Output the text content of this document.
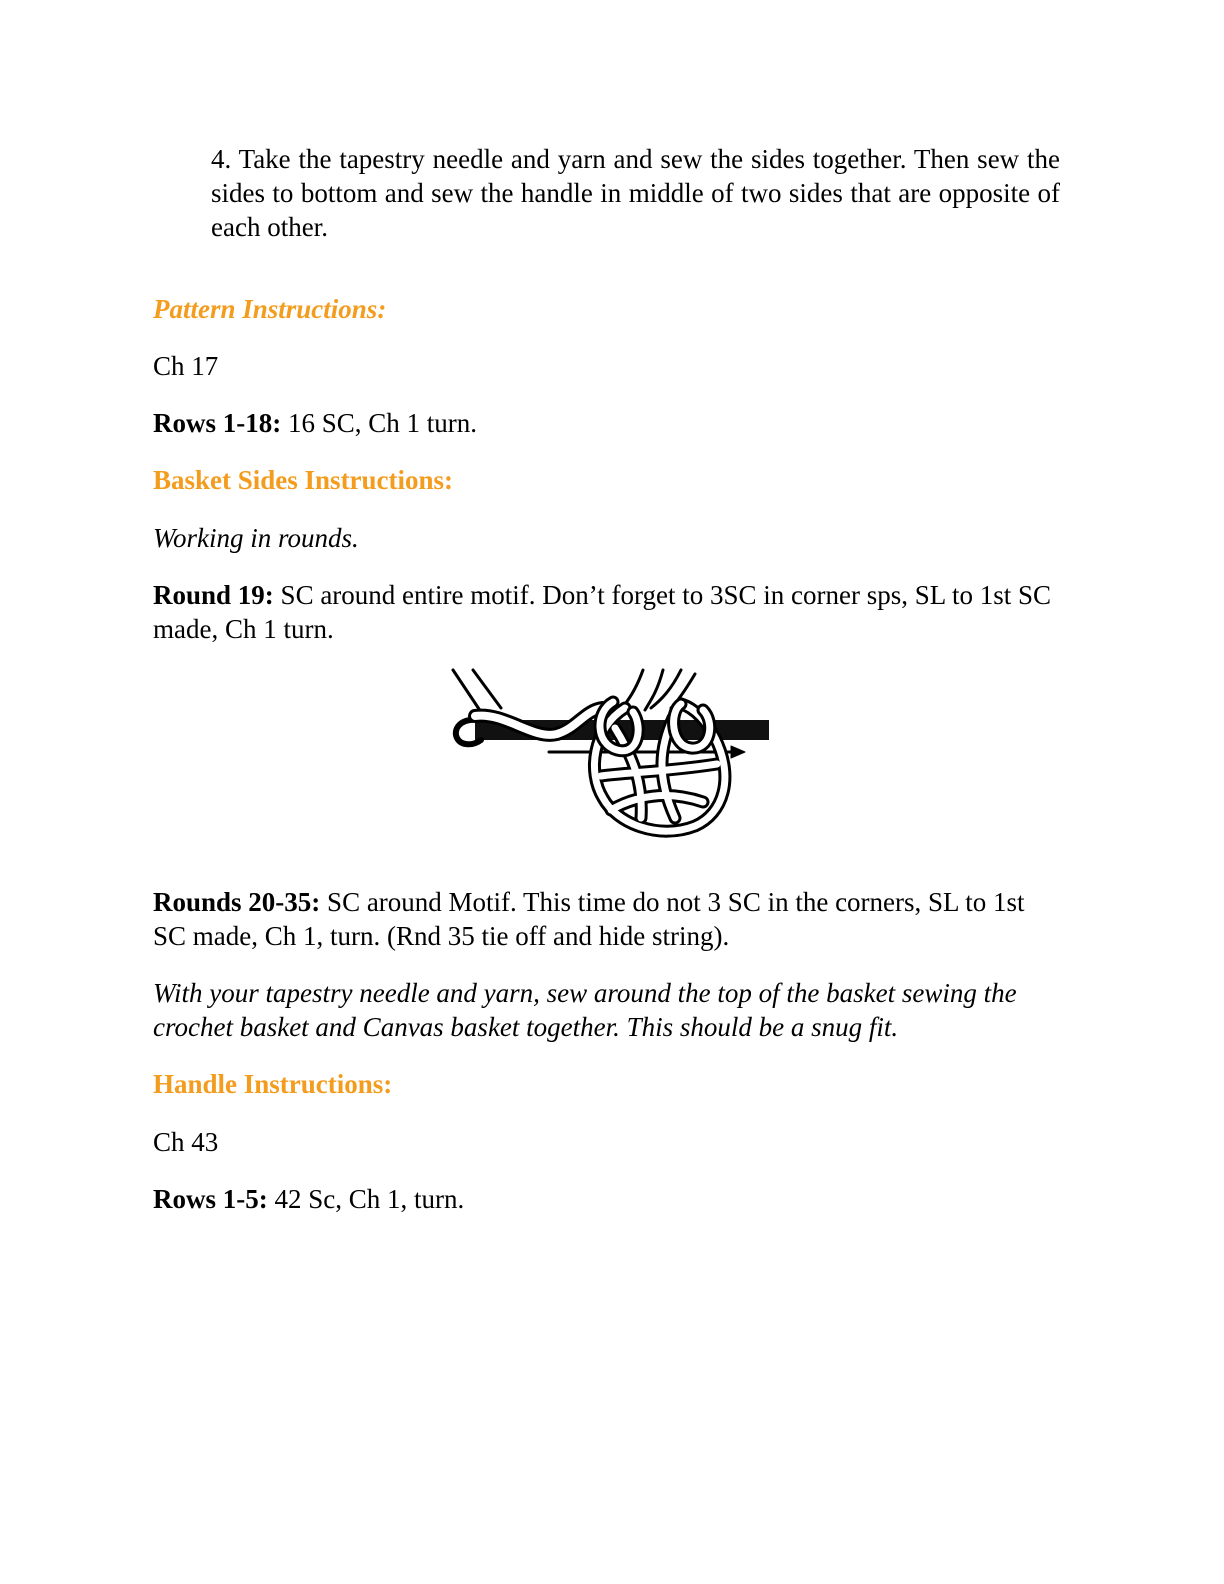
4. Take the tapestry needle and yarn and sew the sides together. Then sew the sides to bottom and sew the handle in middle of two sides that are opposite of each other.

Pattern Instructions:

Ch 17

Rows 1-18: 16 SC, Ch 1 turn.

Basket Sides Instructions:

Working in rounds.

Round 19: SC around entire motif. Don’t forget to 3SC in corner sps, SL to 1st SC made, Ch 1 turn.

Rounds 20-35: SC around Motif. This time do not 3 SC in the corners, SL to 1st SC made, Ch 1, turn. (Rnd 35 tie off and hide string).

With your tapestry needle and yarn, sew around the top of the basket sewing the crochet basket and Canvas basket together. This should be a snug fit.

Handle Instructions:

Ch 43

Rows 1-5: 42 Sc, Ch 1, turn.
